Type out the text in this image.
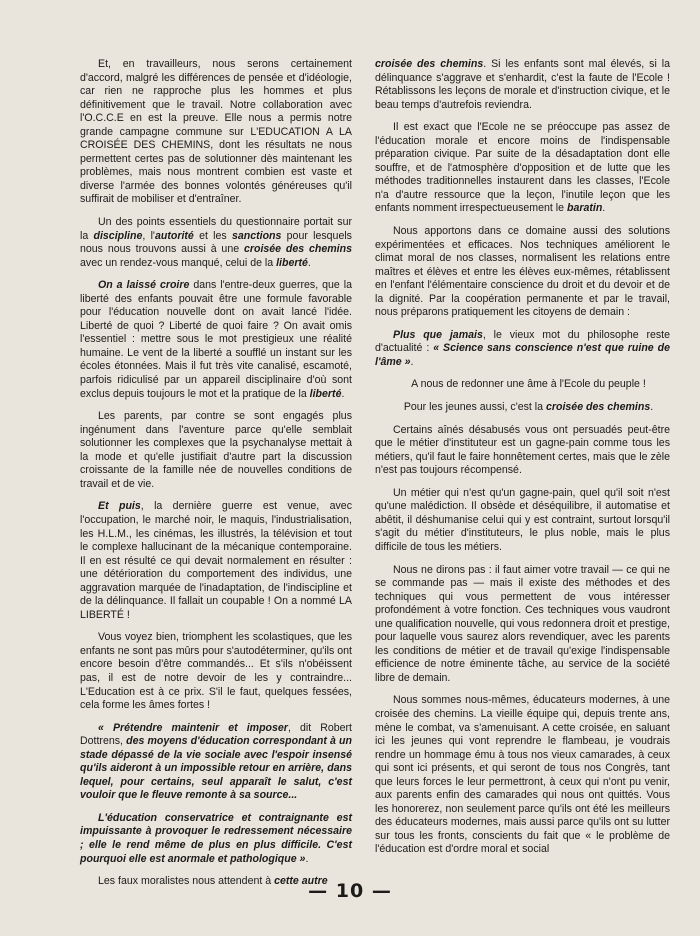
Et, en travailleurs, nous serons certainement d'accord, malgré les différences de pensée et d'idéologie, car rien ne rapproche plus les hommes et plus définitivement que le travail. Notre collaboration avec l'O.C.C.E en est la preuve. Elle nous a permis notre grande campagne commune sur L'EDUCATION A LA CROISÉE DES CHEMINS, dont les résultats ne nous permettent certes pas de solutionner dès maintenant les problèmes, mais nous montrent combien est vaste et diverse l'armée des bonnes volontés généreuses qu'il suffirait de mobiliser et d'entraîner.

Un des points essentiels du questionnaire portait sur la discipline, l'autorité et les sanctions pour lesquels nous nous trouvons aussi à une croisée des chemins avec un rendez-vous manqué, celui de la liberté.

On a laissé croire dans l'entre-deux guerres, que la liberté des enfants pouvait être une formule favorable pour l'éducation nouvelle dont on avait lancé l'idée. Liberté de quoi ? Liberté de quoi faire ? On avait omis l'essentiel : mettre sous le mot prestigieux une réalité humaine. Le vent de la liberté a soufflé un instant sur les écoles étonnées. Mais il fut très vite canalisé, escamoté, parfois ridiculisé par un appareil disciplinaire d'où sont exclus depuis toujours le mot et la pratique de la liberté.

Les parents, par contre se sont engagés plus ingénument dans l'aventure parce qu'elle semblait solutionner les complexes que la psychanalyse mettait à la mode et qu'elle justifiait d'autre part la discussion croissante de la famille née de nouvelles conditions de travail et de vie.

Et puis, la dernière guerre est venue, avec l'occupation, le marché noir, le maquis, l'industrialisation, les H.L.M., les cinémas, les illustrés, la télévision et tout le complexe hallucinant de la mécanique contemporaine. Il en est résulté ce qui devait normalement en résulter : une détérioration du comportement des individus, une aggravation marquée de l'inadaptation, de l'indiscipline et de la délinquance. Il fallait un coupable ! On a nommé LA LIBERTÉ !

Vous voyez bien, triomphent les scolastiques, que les enfants ne sont pas mûrs pour s'autodéterminer, qu'ils ont encore besoin d'être commandés... Et s'ils n'obéissent pas, il est de notre devoir de les y contraindre... L'Education est à ce prix. S'il le faut, quelques fessées, cela forme les âmes fortes !

« Prétendre maintenir et imposer, dit Robert Dottrens, des moyens d'éducation correspondant à un stade dépassé de la vie sociale avec l'espoir insensé qu'ils aideront à un impossible retour en arrière, dans lequel, pour certains, seul apparaît le salut, c'est vouloir que le fleuve remonte à sa source...

L'éducation conservatrice et contraignante est impuissante à provoquer le redressement nécessaire ; elle le rend même de plus en plus difficile. C'est pourquoi elle est anormale et pathologique ».

Les faux moralistes nous attendent à cette autre

croisée des chemins. Si les enfants sont mal élevés, si la délinquance s'aggrave et s'enhardit, c'est la faute de l'Ecole ! Rétablissons les leçons de morale et d'instruction civique, et le beau temps d'autrefois reviendra.

Il est exact que l'Ecole ne se préoccupe pas assez de l'éducation morale et encore moins de l'indispensable préparation civique. Par suite de la désadaptation dont elle souffre, et de l'atmosphère d'opposition et de lutte que les méthodes traditionnelles instaurent dans les classes, l'Ecole n'a d'autre ressource que la leçon, l'inutile leçon que les enfants nomment irrespectueusement le baratin.

Nous apportons dans ce domaine aussi des solutions expérimentées et efficaces. Nos techniques améliorent le climat moral de nos classes, normalisent les relations entre maîtres et élèves et entre les élèves eux-mêmes, rétablissent en l'enfant l'élémentaire conscience du droit et du devoir et de la dignité. Par la coopération permanente et par le travail, nous préparons pratiquement les citoyens de demain :

Plus que jamais, le vieux mot du philosophe reste d'actualité : « Science sans conscience n'est que ruine de l'âme ».

A nous de redonner une âme à l'Ecole du peuple !

Pour les jeunes aussi, c'est la croisée des chemins.

Certains aînés désabusés vous ont persuadés peut-être que le métier d'instituteur est un gagne-pain comme tous les métiers, qu'il faut le faire honnêtement certes, mais que le zèle n'est pas toujours récompensé.

Un métier qui n'est qu'un gagne-pain, quel qu'il soit n'est qu'une malédiction. Il obsède et déséquilibre, il automatise et abêtit, il déshumanise celui qui y est contraint, surtout lorsqu'il s'agit du métier d'instituteurs, le plus noble, mais le plus difficile de tous les métiers.

Nous ne dirons pas : il faut aimer votre travail — ce qui ne se commande pas — mais il existe des méthodes et des techniques qui vous permettent de vous intéresser profondément à votre fonction. Ces techniques vous vaudront une qualification nouvelle, qui vous redonnera droit et prestige, pour laquelle vous saurez alors revendiquer, avec les parents les conditions de métier et de travail qu'exige l'indispensable efficience de notre éminente tâche, au service de la société libre de demain.

Nous sommes nous-mêmes, éducateurs modernes, à une croisée des chemins. La vieille équipe qui, depuis trente ans, mène le combat, va s'amenuisant. A cette croisée, en saluant ici les jeunes qui vont reprendre le flambeau, je voudrais rendre un hommage ému à tous nos vieux camarades, à ceux qui sont ici présents, et qui seront de tous nos Congrès, tant que leurs forces le leur permettront, à ceux qui n'ont pu venir, aux parents enfin des camarades qui nous ont quittés. Vous les honorerez, non seulement parce qu'ils ont été les meilleurs des éducateurs modernes, mais aussi parce qu'ils ont su lutter sur tous les fronts, conscients du fait que « le problème de l'éducation est d'ordre moral et social

— 10 —
